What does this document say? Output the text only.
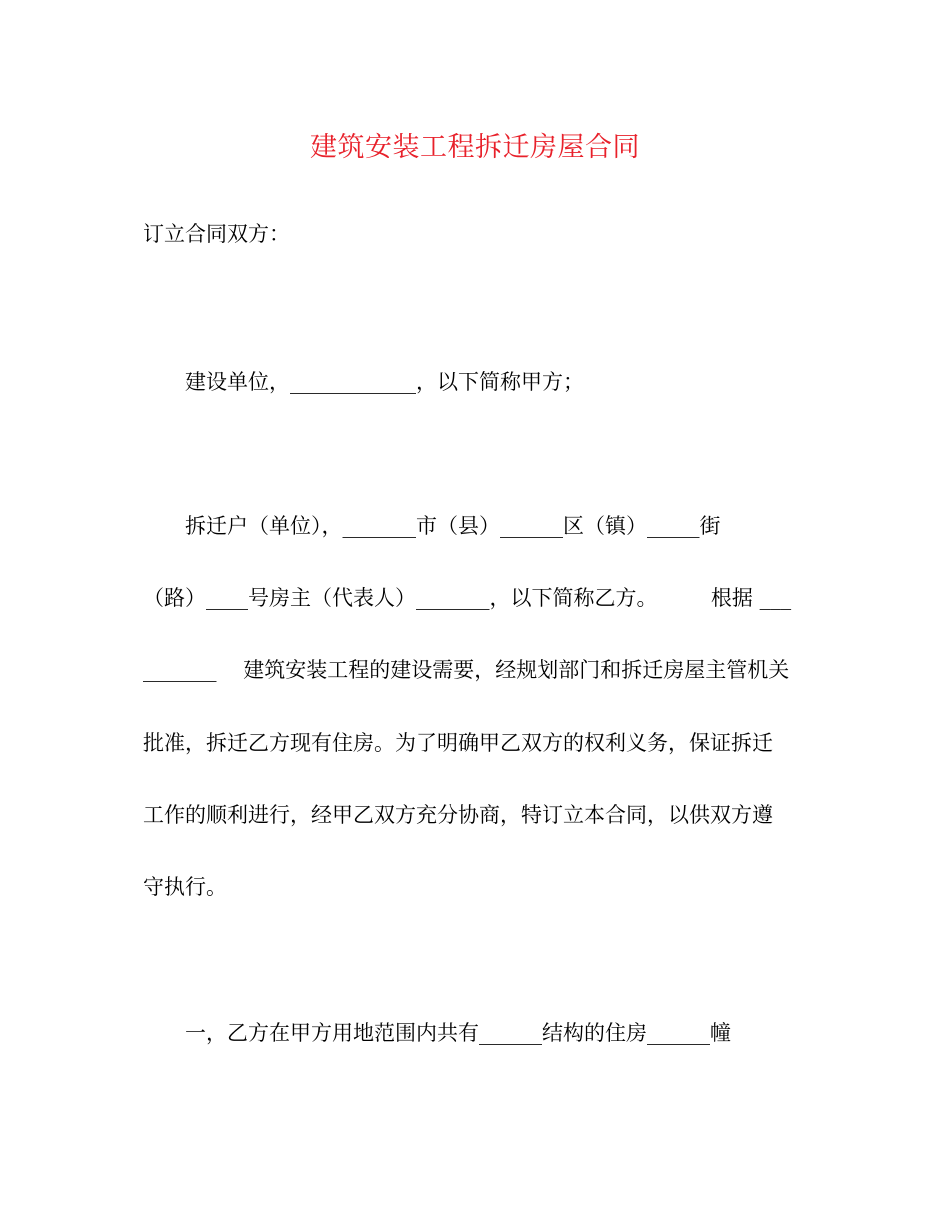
建筑安装工程拆迁房屋合同

订立合同双方：

建设单位，____________，以下简称甲方；

拆迁户（单位），_______市（县）______区（镇）_____街

（路）____号房主（代表人）_______，以下简称乙方。        根据 ___

_______    建筑安装工程的建设需要，经规划部门和拆迁房屋主管机关

批准，拆迁乙方现有住房。为了明确甲乙双方的权利义务，保证拆迁

工作的顺利进行，经甲乙双方充分协商，特订立本合同，以供双方遵

守执行。

一，乙方在甲方用地范围内共有______结构的住房______幢
